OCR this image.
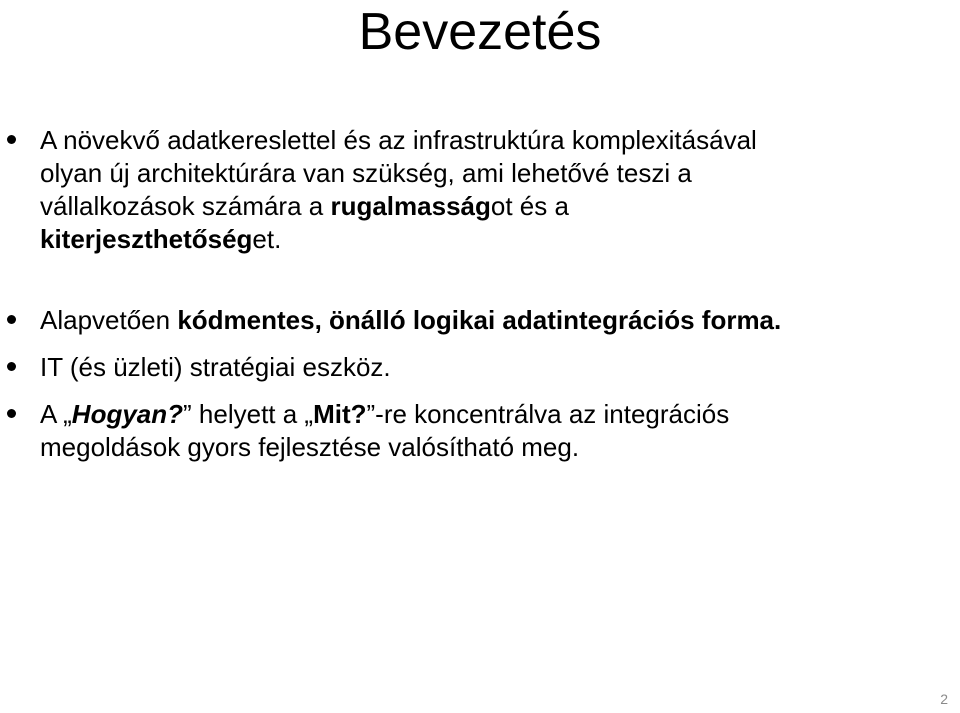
Bevezetés
A növekvő adatkereslettel és az infrastruktúra komplexitásával
olyan új architektúrára van szükség, ami lehetővé teszi a
vállalkozások számára a rugalmasságot és a
kiterjeszthetőséget.
Alapvetően kódmentes, önálló logikai adatintegrációs forma.
IT (és üzleti) stratégiai eszköz.
A „Hogyan?” helyett a „Mit?”-re koncentrálva az integrációs
megoldások gyors fejlesztése valósítható meg.
2
